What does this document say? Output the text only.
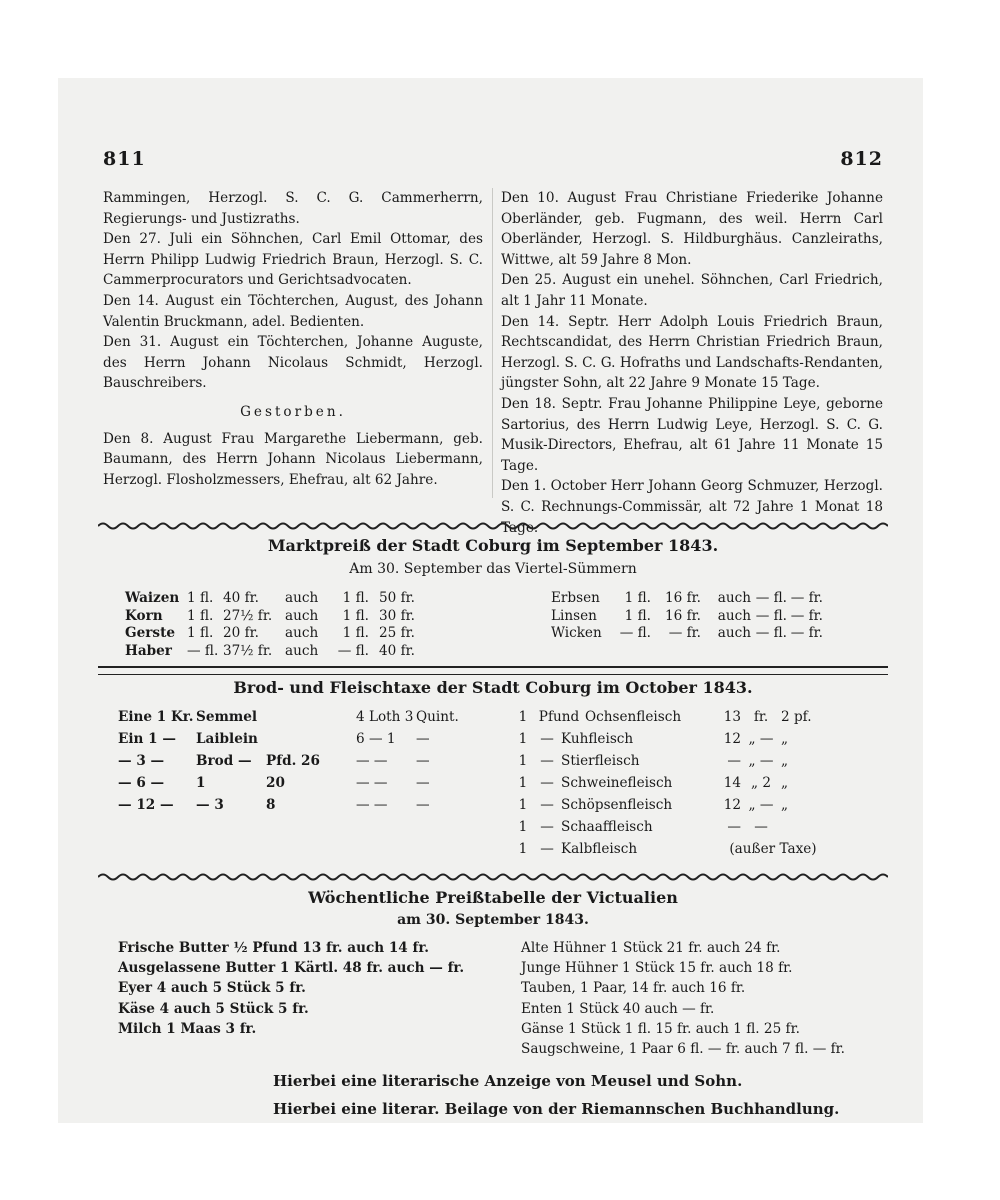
811	812
Rammingen, Herzogl. S. C. G. Cammerherrn, Regierungs- und Justizraths.
Den 27. Juli ein Söhnchen, Carl Emil Ottomar, des Herrn Philipp Ludwig Friedrich Braun, Herzogl. S. C. Cammerprocurators und Gerichtsadvocaten.
Den 14. August ein Töchterchen, August, des Johann Valentin Bruckmann, adel. Bedienten.
Den 31. August ein Töchterchen, Johanne Auguste, des Herrn Johann Nicolaus Schmidt, Herzogl. Bauschreibers.
Gestorben.
Den 8. August Frau Margarethe Liebermann, geb. Baumann, des Herrn Johann Nicolaus Liebermann, Herzogl. Flosholzmessers, Ehefrau, alt 62 Jahre.
Den 10. August Frau Christiane Friederike Johanne Oberländer, geb. Fugmann, des weil. Herrn Carl Oberländer, Herzogl. S. Hildburghäus. Canzleiraths, Wittwe, alt 59 Jahre 8 Mon.
Den 25. August ein unehel. Söhnchen, Carl Friedrich, alt 1 Jahr 11 Monate.
Den 14. Septr. Herr Adolph Louis Friedrich Braun, Rechtscandidat, des Herrn Christian Friedrich Braun, Herzogl. S. C. G. Hofraths und Landschafts-Rendanten, jüngster Sohn, alt 22 Jahre 9 Monate 15 Tage.
Den 18. Septr. Frau Johanne Philippine Leye, geborne Sartorius, des Herrn Ludwig Leye, Herzogl. S. C. G. Musik-Directors, Ehefrau, alt 61 Jahre 11 Monate 15 Tage.
Den 1. October Herr Johann Georg Schmuzer, Herzogl. S. C. Rechnungs-Commissär, alt 72 Jahre 1 Monat 18 Tage.
Marktpreiß der Stadt Coburg im September 1843.
Am 30. September das Viertel-Sümmern
Waizen 1 fl. 40 fr.	auch	1 fl. 50 fr.
Korn	1 fl. 27½ fr. auch	1 fl. 30 fr.
Gerste 1 fl. 20 fr.	auch	1 fl. 25 fr.
Haber	— fl. 37½ fr. auch	— fl. 40 fr.
Erbsen	1 fl.	16 fr.	auch — fl. — fr.
Linsen	1 fl.	16 fr.	auch — fl. — fr.
Wicken	— fl.	— fr.	auch — fl. — fr.
Brod- und Fleischtaxe der Stadt Coburg im October 1843.
Eine 1 Kr. Semmel	4 Loth 3 Quint.
Ein 1 —	Laiblein	6 — 1	—
— 3 —	Brod —	Pfd. 26	— —	—
— 6 —	1	20	— —	—
— 12 —	— 3	8	— —	—
1 Pfund Ochsenfleisch	13 fr. 2 pf.
1 — Kuhfleisch	12 „ — „
1 — Stierfleisch	— „ — „
1 — Schweinefleisch	14 „ 2 „
1 — Schöpsenfleisch	12 „ — „
1 — Schaaffleisch	— —
1 — Kalbfleisch	(außer Taxe)
Wöchentliche Preißtabelle der Victualien
am 30. September 1843.
Frische Butter ½ Pfund 13 fr. auch 14 fr.
Ausgelassene Butter 1 Kärtl. 48 fr. auch — fr.
Eyer 4 auch 5 Stück 5 fr.
Käse 4 auch 5 Stück 5 fr.
Milch 1 Maas 3 fr.
Alte Hühner 1 Stück 21 fr. auch 24 fr.
Junge Hühner 1 Stück 15 fr. auch 18 fr.
Tauben, 1 Paar, 14 fr. auch 16 fr.
Enten 1 Stück 40 auch — fr.
Gänse 1 Stück 1 fl. 15 fr. auch 1 fl. 25 fr.
Saugschweine, 1 Paar 6 fl. — fr. auch 7 fl. — fr.
Hierbei eine literarische Anzeige von Meusel und Sohn.
Hierbei eine literar. Beilage von der Riemannschen Buchhandlung.
